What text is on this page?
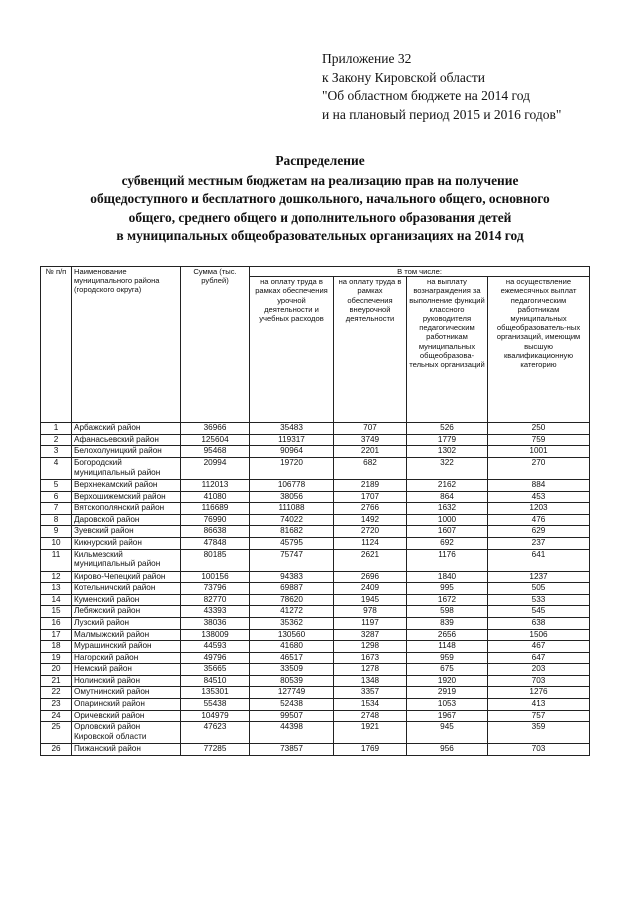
Приложение 32
к Закону Кировской области
"Об областном бюджете на 2014 год
и на плановый период 2015 и 2016 годов"
Распределение
субвенций местным бюджетам на реализацию прав на получение
общедоступного и бесплатного дошкольного, начального общего, основного
общего, среднего общего и дополнительного образования детей
в муниципальных общеобразовательных организациях на 2014 год
№ п/п	Наименование муниципального района (городского округа)	Сумма (тыс. рублей)	В том числе:			
			на оплату труда в рамках обеспечения урочной деятельности и учебных расходов	на оплату труда в рамках обеспечения внеурочной деятельности	на выплату вознаграждения за выполнение функций классного руководителя педагогическим работникам муниципальных общеобразова-тельных организаций	на осуществление ежемесячных выплат педагогическим работникам муниципальных общеобразователь-ных организаций, имеющим высшую квалификационную категорию
1	Арбажский район	36966	35483	707	526	250
2	Афанасьевский район	125604	119317	3749	1779	759
3	Белохолуницкий район	95468	90964	2201	1302	1001
4	Богородский муниципальный район	20994	19720	682	322	270
5	Верхнекамский район	112013	106778	2189	2162	884
6	Верхошижемский район	41080	38056	1707	864	453
7	Вятскополянский район	116689	111088	2766	1632	1203
8	Даровской район	76990	74022	1492	1000	476
9	Зуевский район	86638	81682	2720	1607	629
10	Кикнурский район	47848	45795	1124	692	237
11	Кильмезский муниципальный район	80185	75747	2621	1176	641
12	Кирово-Чепецкий район	100156	94383	2696	1840	1237
13	Котельничский район	73796	69887	2409	995	505
14	Куменский район	82770	78620	1945	1672	533
15	Лебяжский район	43393	41272	978	598	545
16	Лузский район	38036	35362	1197	839	638
17	Малмыжский район	138009	130560	3287	2656	1506
18	Мурашинский район	44593	41680	1298	1148	467
19	Нагорский район	49796	46517	1673	959	647
20	Немский район	35665	33509	1278	675	203
21	Нолинский район	84510	80539	1348	1920	703
22	Омутнинский район	135301	127749	3357	2919	1276
23	Опаринский район	55438	52438	1534	1053	413
24	Оричевский район	104979	99507	2748	1967	757
25	Орловский район Кировской области	47623	44398	1921	945	359
26	Пижанский район	77285	73857	1769	956	703
